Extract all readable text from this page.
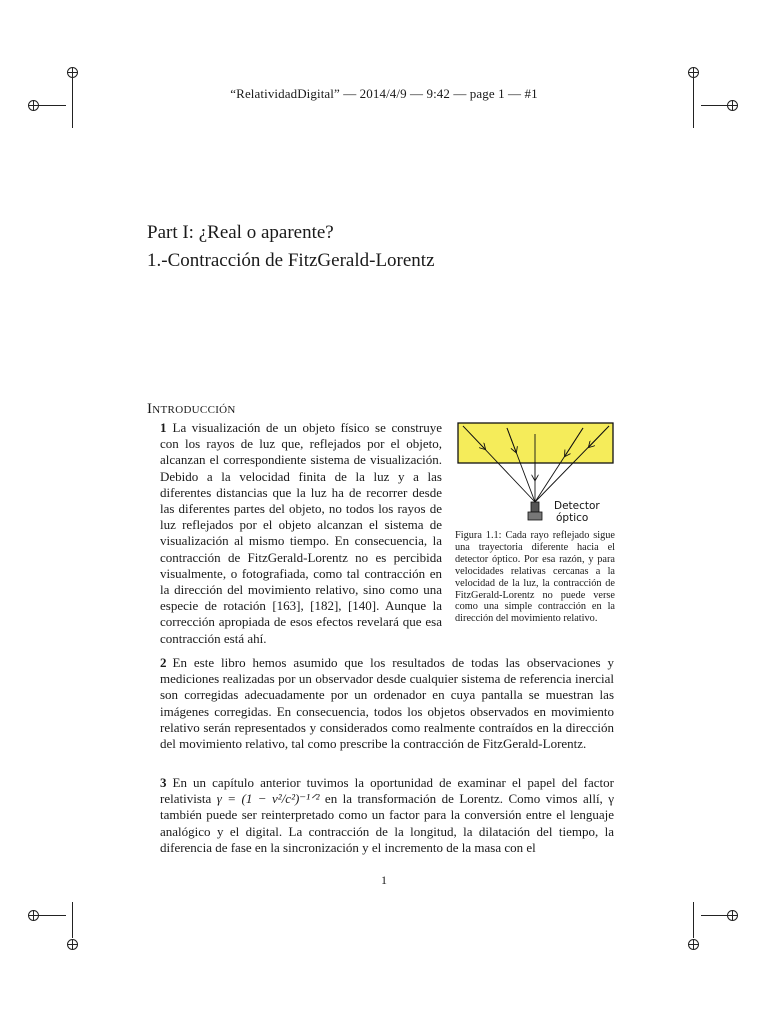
“RelatividadDigital” — 2014/4/9 — 9:42 — page 1 — #1
Part I: ¿Real o aparente?
1.-Contracción de FitzGerald-Lorentz
Introducción

1 La visualización de un objeto físico se construye con los rayos de luz que, reflejados por el objeto, alcanzan el correspondiente sistema de visualización. Debido a la velocidad finita de la luz y a las diferentes distancias que la luz ha de recorrer desde las diferentes partes del objeto, no todos los rayos de luz reflejados por el objeto alcanzan el sistema de visualización al mismo tiempo. En consecuencia, la contracción de FitzGerald-Lorentz no es percibida visualmente, o fotografiada, como tal contracción en la dirección del movimiento relativo, sino como una especie de rotación [163], [182], [140]. Aunque la corrección apropiada de esos efectos revelará que esa contracción está ahí.

Detector
óptico
Figura 1.1: Cada rayo reflejado sigue una trayectoria diferente hacia el detector óptico. Por esa razón, y para velocidades relativas cercanas a la velocidad de la luz, la contracción de FitzGerald-Lorentz no puede verse como una simple contracción en la dirección del movimiento relativo.

2 En este libro hemos asumido que los resultados de todas las observaciones y mediciones realizadas por un observador desde cualquier sistema de referencia inercial son corregidas adecuadamente por un ordenador en cuya pantalla se muestran las imágenes corregidas. En consecuencia, todos los objetos observados en movimiento relativo serán representados y considerados como realmente contraídos en la dirección del movimiento relativo, tal como prescribe la contracción de FitzGerald-Lorentz.

3 En un capítulo anterior tuvimos la oportunidad de examinar el papel del factor relativista γ = (1 − v²/c²)⁻¹ᐟ² en la transformación de Lorentz. Como vimos allí, γ también puede ser reinterpretado como un factor para la conversión entre el lenguaje analógico y el digital. La contracción de la longitud, la dilatación del tiempo, la diferencia de fase en la sincronización y el incremento de la masa con el

1
